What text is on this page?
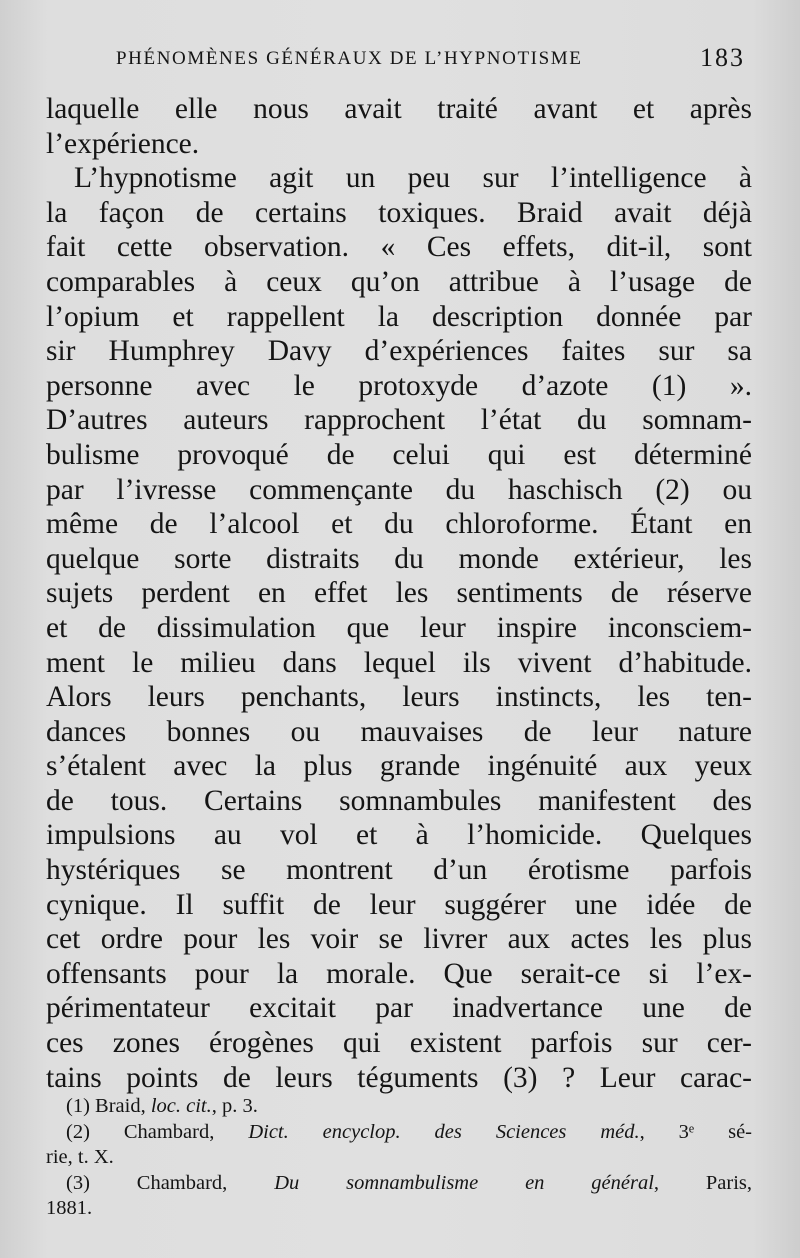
PHÉNOMÈNES GÉNÉRAUX DE L’HYPNOTISME	183
laquelle elle nous avait traité avant et après
l’expérience.
L’hypnotisme agit un peu sur l’intelligence à
la façon de certains toxiques. Braid avait déjà
fait cette observation. « Ces effets, dit-il, sont
comparables à ceux qu’on attribue à l’usage de
l’opium et rappellent la description donnée par
sir Humphrey Davy d’expériences faites sur sa
personne avec le protoxyde d’azote (1) ».
D’autres auteurs rapprochent l’état du somnam-
bulisme provoqué de celui qui est déterminé
par l’ivresse commençante du haschisch (2) ou
même de l’alcool et du chloroforme. Étant en
quelque sorte distraits du monde extérieur, les
sujets perdent en effet les sentiments de réserve
et de dissimulation que leur inspire inconsciem-
ment le milieu dans lequel ils vivent d’habitude.
Alors leurs penchants, leurs instincts, les ten-
dances bonnes ou mauvaises de leur nature
s’étalent avec la plus grande ingénuité aux yeux
de tous. Certains somnambules manifestent des
impulsions au vol et à l’homicide. Quelques
hystériques se montrent d’un érotisme parfois
cynique. Il suffit de leur suggérer une idée de
cet ordre pour les voir se livrer aux actes les plus
offensants pour la morale. Que serait-ce si l’ex-
périmentateur excitait par inadvertance une de
ces zones érogènes qui existent parfois sur cer-
tains points de leurs téguments (3) ? Leur carac-
(1) Braid, loc. cit., p. 3.
(2) Chambard, Dict. encyclop. des Sciences méd., 3ᵉ sé-
rie, t. X.
(3) Chambard, Du somnambulisme en général, Paris,
1881.
